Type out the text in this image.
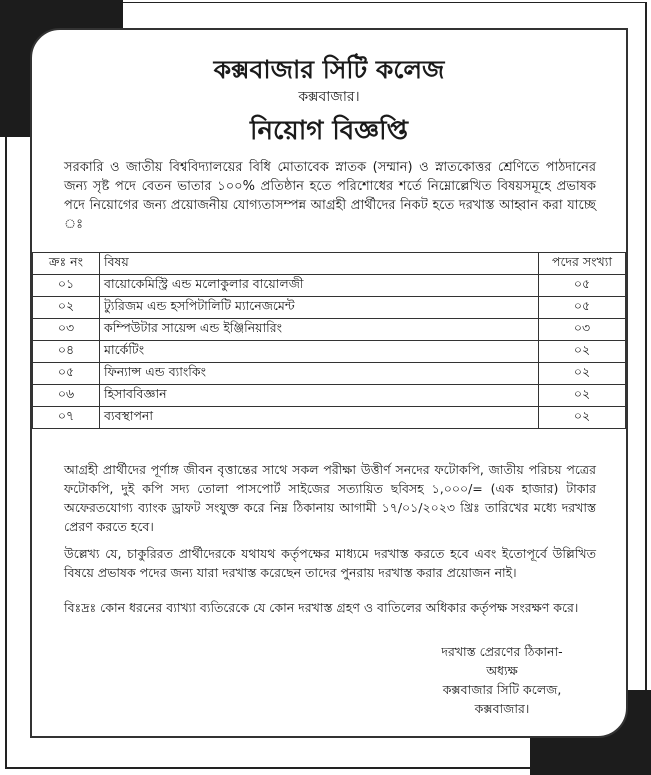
কক্সবাজার সিটি কলেজ
কক্সবাজার।
নিয়োগ বিজ্ঞপ্তি
সরকারি ও জাতীয় বিশ্ববিদ্যালয়ের বিধি মোতাবেক স্নাতক (সম্মান) ও স্নাতকোত্তর শ্রেণিতে পাঠদানের জন্য সৃষ্ট পদে বেতন ভাতার ১০০% প্রতিষ্ঠান হতে পরিশোধের শর্তে নিম্নোল্লেখিত বিষয়সমূহে প্রভাষক পদে নিয়োগের জন্য প্রয়োজনীয় যোগ্যতাসম্পন্ন আগ্রহী প্রার্থীদের নিকট হতে দরখাস্ত আহ্বান করা যাচ্ছে ঃ
ক্রঃ নং	বিষয়	পদের সংখ্যা
০১	বায়োকেমিস্ট্রি এন্ড মলোকুলার বায়োলজী	০৫
০২	ট্যুরিজম এন্ড হসপিটালিটি ম্যানেজমেন্ট	০৫
০৩	কম্পিউটার সায়েন্স এন্ড ইঞ্জিনিয়ারিং	০৩
০৪	মার্কেটিং	০২
০৫	ফিন্যান্স এন্ড ব্যাংকিং	০২
০৬	হিসাববিজ্ঞান	০২
০৭	ব্যবস্থাপনা	০২
আগ্রহী প্রার্থীদের পূর্ণাঙ্গ জীবন বৃত্তান্তের সাথে সকল পরীক্ষা উত্তীর্ণ সনদের ফটোকপি, জাতীয় পরিচয় পত্রের ফটোকপি, দুই কপি সদ্য তোলা পাসপোর্ট সাইজের সত্যায়িত ছবিসহ ১,০০০/= (এক হাজার) টাকার অফেরতযোগ্য ব্যাংক ড্রাফট সংযুক্ত করে নিম্ন ঠিকানায় আগামী ১৭/০১/২০২৩ খ্রিঃ তারিখের মধ্যে দরখাস্ত প্রেরণ করতে হবে।
উল্লেখ্য যে, চাকুরিরত প্রার্থীদেরকে যথাযথ কর্তৃপক্ষের মাধ্যমে দরখাস্ত করতে হবে এবং ইতোপূর্বে উল্লিখিত বিষয়ে প্রভাষক পদের জন্য যারা দরখাস্ত করেছেন তাদের পুনরায় দরখাস্ত করার প্রয়োজন নাই।
বিঃদ্রঃ কোন ধরনের ব্যাখ্যা ব্যতিরেকে যে কোন দরখাস্ত গ্রহণ ও বাতিলের অধিকার কর্তৃপক্ষ সংরক্ষণ করে।
দরখাস্ত প্রেরণের ঠিকানা-
অধ্যক্ষ
কক্সবাজার সিটি কলেজ,
কক্সবাজার।
